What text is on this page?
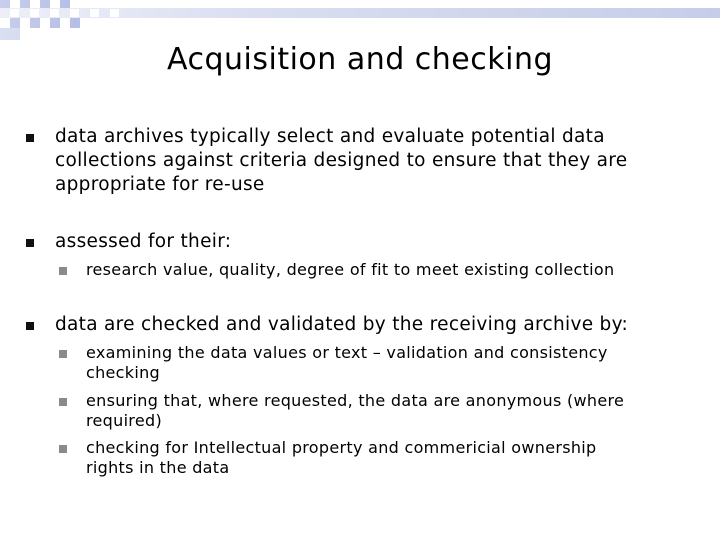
Acquisition and checking
data archives typically select and evaluate potential data
collections against criteria designed to ensure that they are
appropriate for re-use
assessed for their:
research value, quality, degree of fit to meet existing collection
data are checked and validated by the receiving archive by:
examining the data values or text – validation and consistency
checking
ensuring that, where requested, the data are anonymous (where
required)
checking for Intellectual property and commericial ownership
rights in the data
